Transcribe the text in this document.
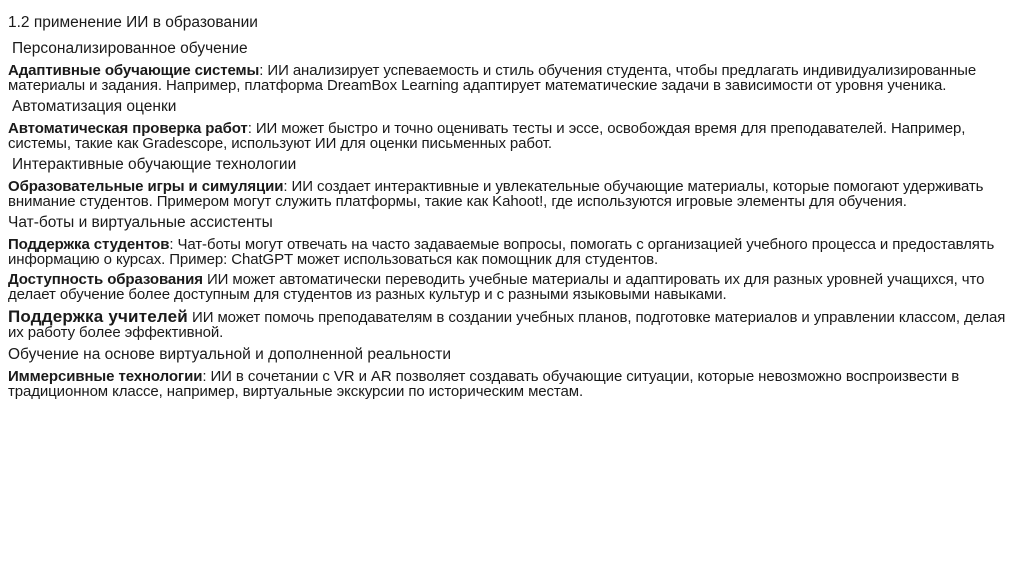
1.2 применение ИИ в образовании
Персонализированное обучение
Адаптивные обучающие системы: ИИ анализирует успеваемость и стиль обучения студента, чтобы предлагать индивидуализированные материалы и задания. Например, платформа DreamBox Learning адаптирует математические задачи в зависимости от уровня ученика.
Автоматизация оценки
Автоматическая проверка работ: ИИ может быстро и точно оценивать тесты и эссе, освобождая время для преподавателей. Например, системы, такие как Gradescope, используют ИИ для оценки письменных работ.
Интерактивные обучающие технологии
Образовательные игры и симуляции: ИИ создает интерактивные и увлекательные обучающие материалы, которые помогают удерживать внимание студентов. Примером могут служить платформы, такие как Kahoot!, где используются игровые элементы для обучения.
Чат-боты и виртуальные ассистенты
Поддержка студентов: Чат-боты могут отвечать на часто задаваемые вопросы, помогать с организацией учебного процесса и предоставлять информацию о курсах. Пример: ChatGPT может использоваться как помощник для студентов.
Доступность образования ИИ может автоматически переводить учебные материалы и адаптировать их для разных уровней учащихся, что делает обучение более доступным для студентов из разных культур и с разными языковыми навыками.
Поддержка учителей ИИ может помочь преподавателям в создании учебных планов, подготовке материалов и управлении классом, делая их работу более эффективной.
Обучение на основе виртуальной и дополненной реальности
Иммерсивные технологии: ИИ в сочетании с VR и AR позволяет создавать обучающие ситуации, которые невозможно воспроизвести в традиционном классе, например, виртуальные экскурсии по историческим местам.
